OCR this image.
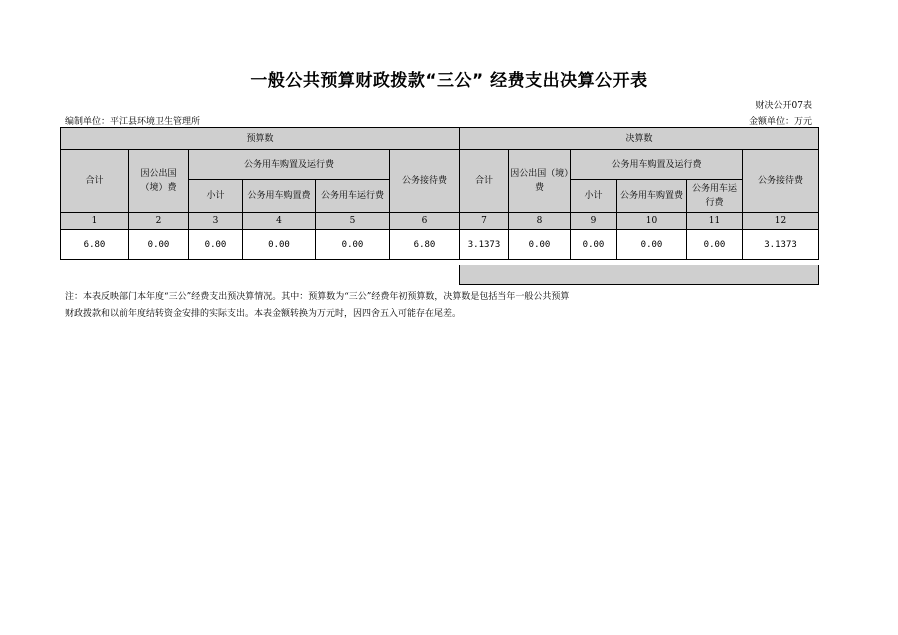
一般公共预算财政拨款“三公” 经费支出决算公开表
财决公开07表
编制单位：平江县环境卫生管理所	金额单位：万元
预算数						决算数					
合计	因公出国（境）费	公务用车购置及运行费			公务接待费	合计	因公出国（境）费	公务用车购置及运行费			公务接待费
		小计	公务用车购置费	公务用车运行费				小计	公务用车购置费	公务用车运行费	
1	2	3	4	5	6	7	8	9	10	11	12
6.80	0.00	0.00	0.00	0.00	6.80	3.1373	0.00	0.00	0.00	0.00	3.1373
注：本表反映部门本年度“三公”经费支出预决算情况。其中：预算数为“三公”经费年初预算数，决算数是包括当年一般公共预算
财政拨款和以前年度结转资金安排的实际支出。本表金额转换为万元时，因四舍五入可能存在尾差。
